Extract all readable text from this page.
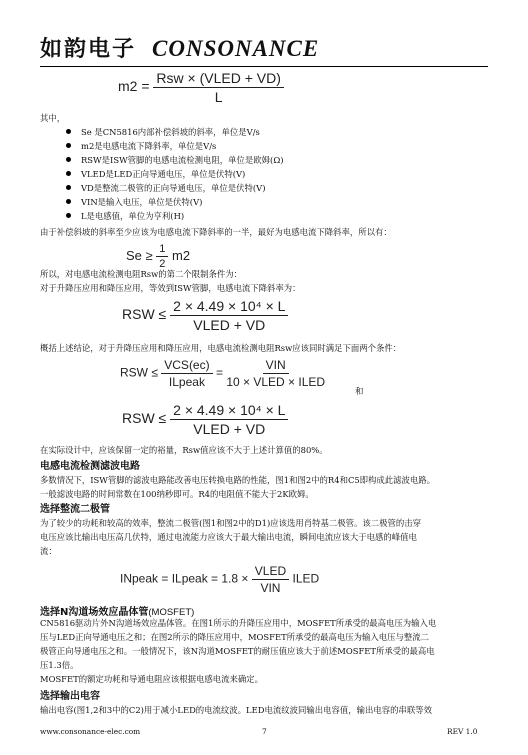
如韵电子 CONSONANCE
$m2 = \frac{\text{Rsw × (VLED + VD)}}{L}$
其中，
Se 是CN5816内部补偿斜坡的斜率，单位是V/s
m2是电感电流下降斜率，单位是V/s
RSW是ISW管脚的电感电流检测电阻，单位是欧姆(Ω)
VLED是LED正向导通电压，单位是伏特(V)
VD是整流二极管的正向导通电压，单位是伏特(V)
VIN是输入电压，单位是伏特(V)
L是电感值，单位为亨利(H)
由于补偿斜坡的斜率至少应该为电感电流下降斜率的一半，最好为电感电流下降斜率，所以有：
$Se \ge \frac{1}{2} m2$
所以，对电感电流检测电阻Rsw的第二个限制条件为：
对于升降压应用和降压应用，等效到ISW管脚，电感电流下降斜率为：
RSW ≤ $\frac{\text{2 × 4.49 × 10⁴ × L}}{\text{VLED + VD}}$
概括上述结论，对于升降压应用和降压应用，电感电流检测电阻Rsw应该同时满足下面两个条件：
RSW ≤ $\frac{\text{VCS(ec)}}{\text{ILpeak}} = \frac{\text{VIN}}{\text{10 × VLED × ILED}}$
和
RSW ≤ $\frac{\text{2 × 4.49 × 10⁴ × L}}{\text{VLED + VD}}$
在实际设计中，应该保留一定的裕量，Rsw值应该不大于上述计算值的80%。
电感电流检测滤波电路
多数情况下，ISW管脚的滤波电路能改善电压转换电路的性能，图1和图2中的R4和C5即构成此滤波电路。
一般滤波电路的时间常数在100纳秒即可。R4的电阻值不能大于2K欧姆。
选择整流二极管
为了较少的功耗和较高的效率，整流二极管(图1和图2中的D1)应该选用肖特基二极管。该二极管的击穿
电压应该比输出电压高几伏特，通过电流能力应该大于最大输出电流，瞬间电流应该大于电感的峰值电
流：
INpeak = ILpeak = $1.8 \times \frac{\text{VLED}}{\text{VIN}}$ ILED
选择N沟道场效应晶体管(MOSFET)
CN5816驱动片外N沟道场效应晶体管。在图1所示的升降压应用中，MOSFET所承受的最高电压为输入电
压与LED正向导通电压之和；在图2所示的降压应用中，MOSFET所承受的最高电压为输入电压与整流二
极管正向导通电压之和。一般情况下，该N沟道MOSFET的耐压值应该大于前述MOSFET所承受的最高电
压1.3倍。
MOSFET的额定功耗和导通电阻应该根据电感电流来确定。
选择输出电容
输出电容(图1,2和3中的C2)用于减小LED的电流纹波。LED电流纹波同输出电容值，输出电容的串联等效
www.consonance-elec.com	7	REV 1.0
